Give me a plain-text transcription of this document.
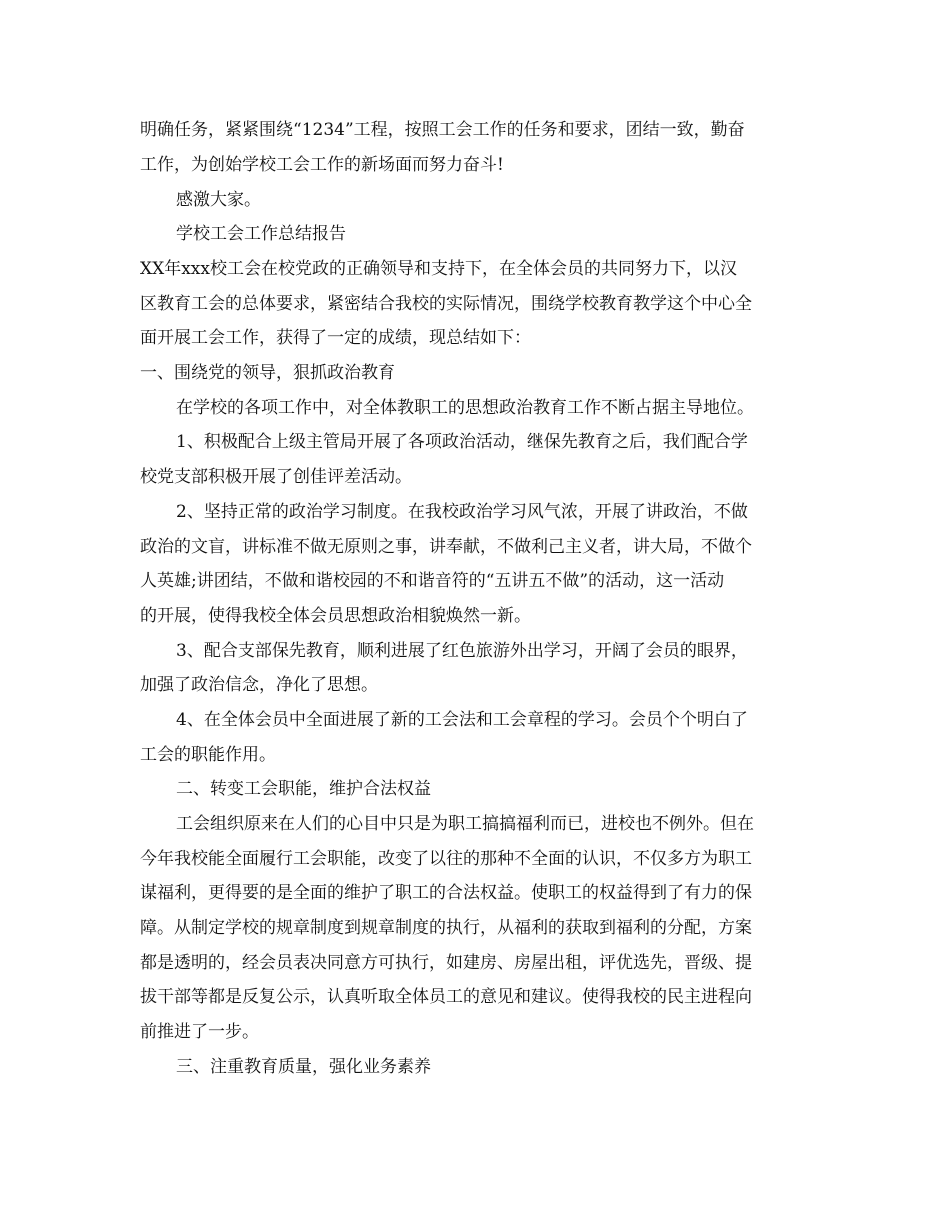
明确任务，紧紧围绕“1234”工程，按照工会工作的任务和要求，团结一致，勤奋
工作，为创始学校工会工作的新场面而努力奋斗!
感激大家。
学校工会工作总结报告
XX年xxx校工会在校党政的正确领导和支持下，在全体会员的共同努力下，以汉
区教育工会的总体要求，紧密结合我校的实际情况，围绕学校教育教学这个中心全
面开展工会工作，获得了一定的成绩，现总结如下：
一、围绕党的领导，狠抓政治教育
在学校的各项工作中，对全体教职工的思想政治教育工作不断占据主导地位。
1、积极配合上级主管局开展了各项政治活动，继保先教育之后，我们配合学
校党支部积极开展了创佳评差活动。
2、坚持正常的政治学习制度。在我校政治学习风气浓，开展了讲政治，不做
政治的文盲，讲标准不做无原则之事，讲奉献，不做利己主义者，讲大局，不做个
人英雄;讲团结，不做和谐校园的不和谐音符的“五讲五不做”的活动，这一活动
的开展，使得我校全体会员思想政治相貌焕然一新。
3、配合支部保先教育，顺利进展了红色旅游外出学习，开阔了会员的眼界，
加强了政治信念，净化了思想。
4、在全体会员中全面进展了新的工会法和工会章程的学习。会员个个明白了
工会的职能作用。
二、转变工会职能，维护合法权益
工会组织原来在人们的心目中只是为职工搞搞福利而已，进校也不例外。但在
今年我校能全面履行工会职能，改变了以往的那种不全面的认识，不仅多方为职工
谋福利，更得要的是全面的维护了职工的合法权益。使职工的权益得到了有力的保
障。从制定学校的规章制度到规章制度的执行，从福利的获取到福利的分配，方案
都是透明的，经会员表决同意方可执行，如建房、房屋出租，评优选先，晋级、提
拔干部等都是反复公示，认真听取全体员工的意见和建议。使得我校的民主进程向
前推进了一步。
三、注重教育质量，强化业务素养
